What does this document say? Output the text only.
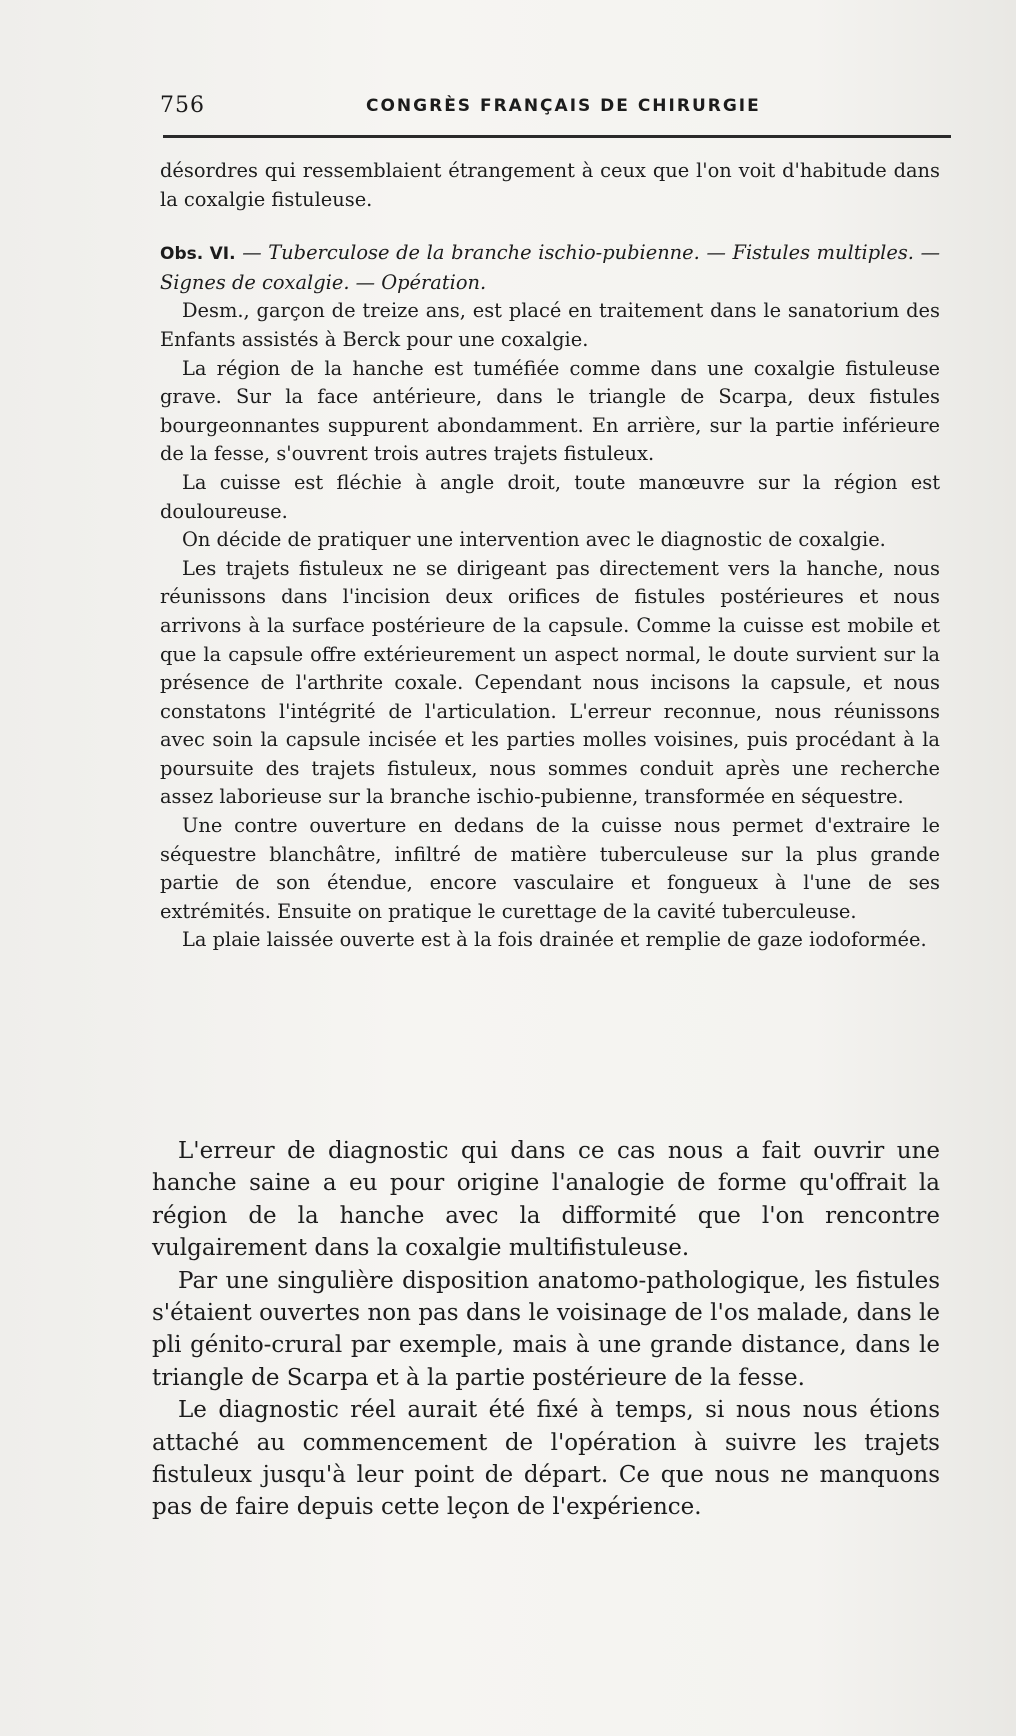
756	CONGRÈS FRANÇAIS DE CHIRURGIE

désordres qui ressemblaient étrangement à ceux que l'on voit d'habitude dans la coxalgie fistuleuse.

Obs. VI. — Tuberculose de la branche ischio-pubienne. — Fistules multiples. — Signes de coxalgie. — Opération.

Desm., garçon de treize ans, est placé en traitement dans le sanatorium des Enfants assistés à Berck pour une coxalgie.

La région de la hanche est tuméfiée comme dans une coxalgie fistuleuse grave. Sur la face antérieure, dans le triangle de Scarpa, deux fistules bourgeonnantes suppurent abondamment. En arrière, sur la partie inférieure de la fesse, s'ouvrent trois autres trajets fistuleux.

La cuisse est fléchie à angle droit, toute manœuvre sur la région est douloureuse.

On décide de pratiquer une intervention avec le diagnostic de coxalgie.

Les trajets fistuleux ne se dirigeant pas directement vers la hanche, nous réunissons dans l'incision deux orifices de fistules postérieures et nous arrivons à la surface postérieure de la capsule. Comme la cuisse est mobile et que la capsule offre extérieurement un aspect normal, le doute survient sur la présence de l'arthrite coxale. Cependant nous incisons la capsule, et nous constatons l'intégrité de l'articulation. L'erreur reconnue, nous réunissons avec soin la capsule incisée et les parties molles voisines, puis procédant à la poursuite des trajets fistuleux, nous sommes conduit après une recherche assez laborieuse sur la branche ischio-pubienne, transformée en séquestre.

Une contre ouverture en dedans de la cuisse nous permet d'extraire le séquestre blanchâtre, infiltré de matière tuberculeuse sur la plus grande partie de son étendue, encore vasculaire et fongueux à l'une de ses extrémités. Ensuite on pratique le curettage de la cavité tuberculeuse.

La plaie laissée ouverte est à la fois drainée et remplie de gaze iodoformée.

L'erreur de diagnostic qui dans ce cas nous a fait ouvrir une hanche saine a eu pour origine l'analogie de forme qu'offrait la région de la hanche avec la difformité que l'on rencontre vulgairement dans la coxalgie multifistuleuse.

Par une singulière disposition anatomo-pathologique, les fistules s'étaient ouvertes non pas dans le voisinage de l'os malade, dans le pli génito-crural par exemple, mais à une grande distance, dans le triangle de Scarpa et à la partie postérieure de la fesse.

Le diagnostic réel aurait été fixé à temps, si nous nous étions attaché au commencement de l'opération à suivre les trajets fistuleux jusqu'à leur point de départ. Ce que nous ne manquons pas de faire depuis cette leçon de l'expérience.
